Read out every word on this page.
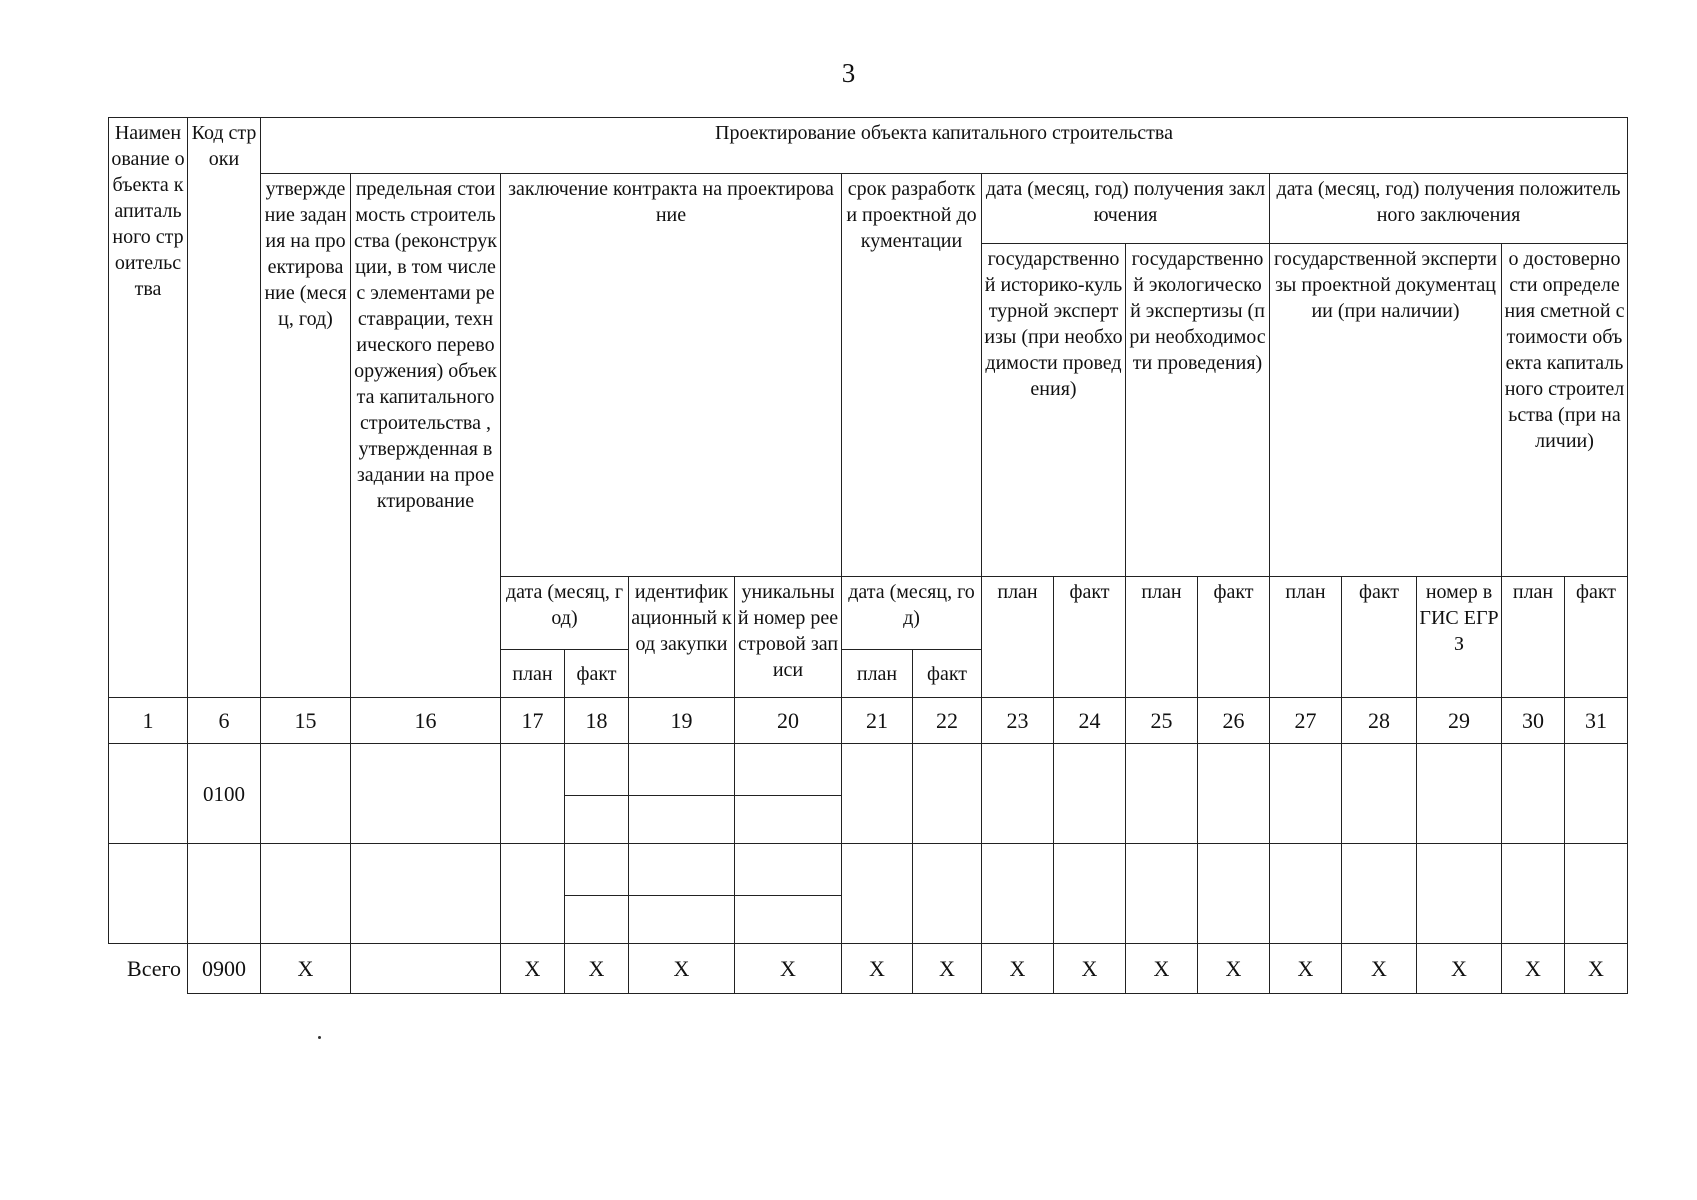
3
Наименование объекта капитального строительства	Код строки	Проектирование объекта капитального строительства																
		утверждение задания на проектирование (месяц, год)	предельная стоимость строительства (реконструкции, в том числе с элементами реставрации, технического перевооружения) объекта капитального строительства , утвержденная в задании на проектирование	заключение контракта на проектирование				срок разработки проектной документации		дата (месяц, год) получения заключения				дата (месяц, год) получения положительного заключения				
										государственной историко-культурной экспертизы (при необходимости проведения)		государственной экологической экспертизы (при необходимости проведения)		государственной экспертизы проектной документации (при наличии)			о достоверности определения сметной стоимости объекта капитального строительства (при наличии)	
				дата (месяц, год)		идентификационный код закупки	уникальный номер реестровой записи	дата (месяц, год)		план	факт	план	факт	план	факт	номер в ГИС ЕГРЗ	план	факт
				план	факт			план	факт									

1	6	15	16	17	18	19	20	21	22	23	24	25	26	27	28	29	30	31
	0100																	

Всего	0900	Х		Х	Х	Х	Х	Х	Х	Х	Х	Х	Х	Х	Х	Х	Х	Х
